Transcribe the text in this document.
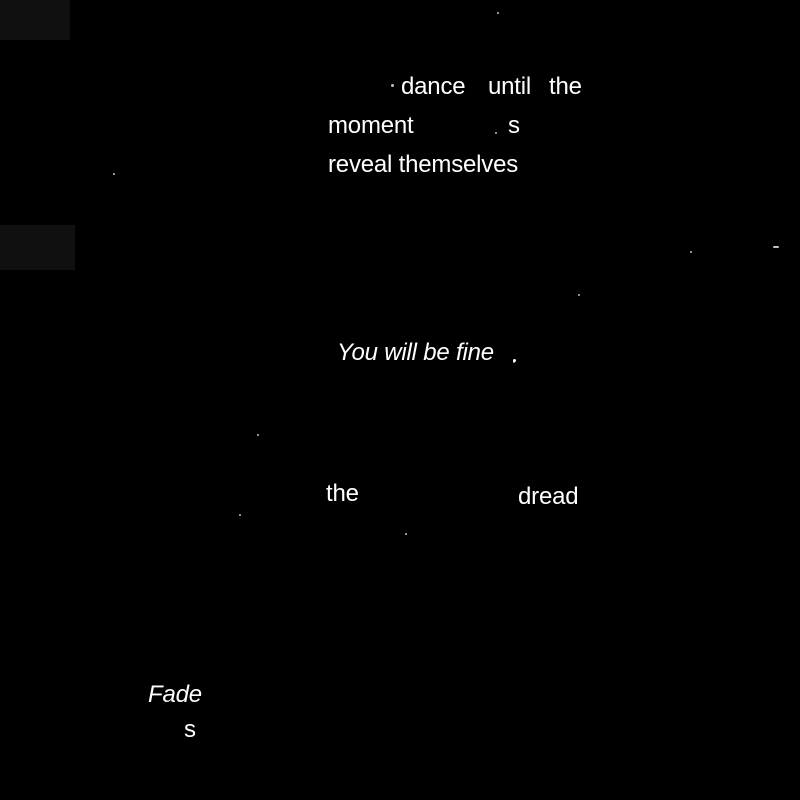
dance until the
moment	s
reveal themselves
You will be fine
the	dread
Fade
s
